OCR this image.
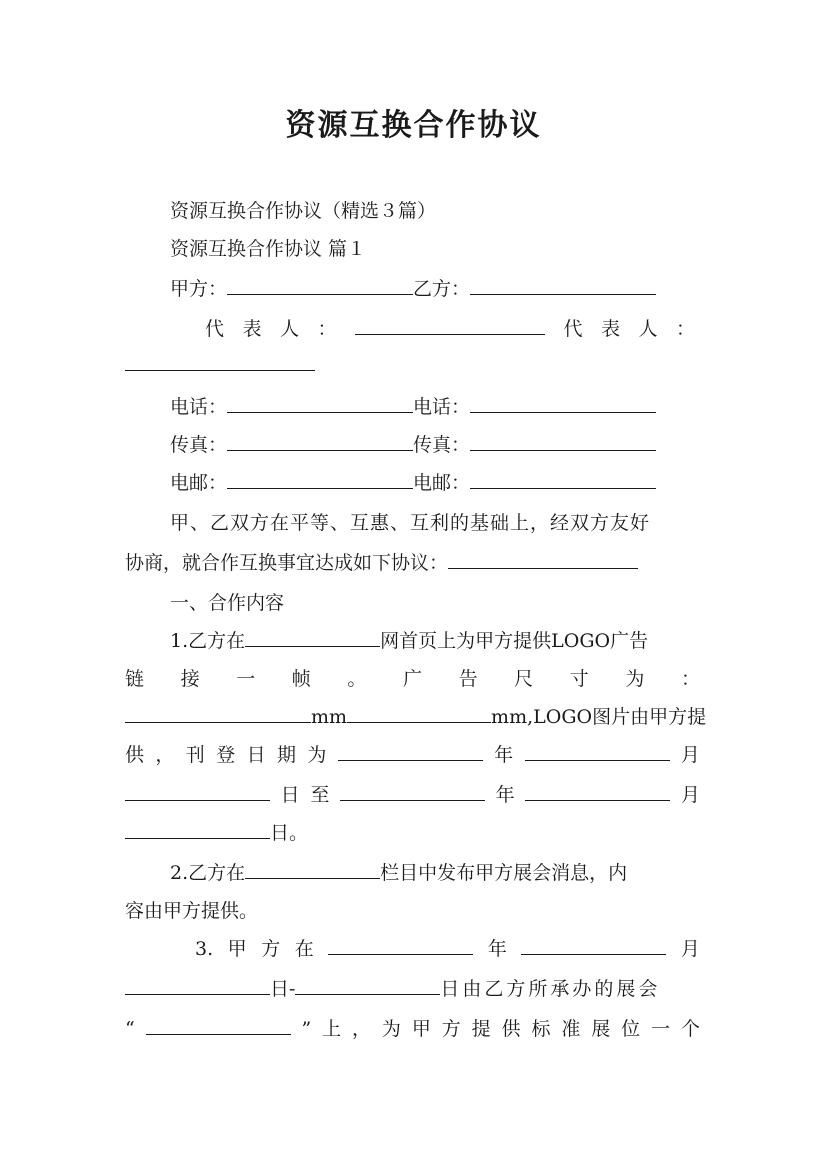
资源互换合作协议
资源互换合作协议（精选３篇）
资源互换合作协议 篇１
甲方：	乙方：
代 表 人 ：	代 表 人 ：
电话：	电话：
传真：	传真：
电邮：	电邮：
甲、乙双方在平等、互惠、互利的基础上，经双方友好
协商，就合作互换事宜达成如下协议：
一、合作内容
1.乙方在	网首页上为甲方提供LOGO广告
链 接 一 帧 。 广 告 尺 寸 为 ：
mm	mm,LOGO图片由甲方提
供 ， 刊 登 日 期 为	年	月
日 至	年	月
日。
2.乙方在	栏目中发布甲方展会消息，内
容由甲方提供。
3. 甲 方 在	年	月
日-	日由乙方所承办的展会
“	” 上 ， 为 甲 方 提 供 标 准 展 位 一 个
